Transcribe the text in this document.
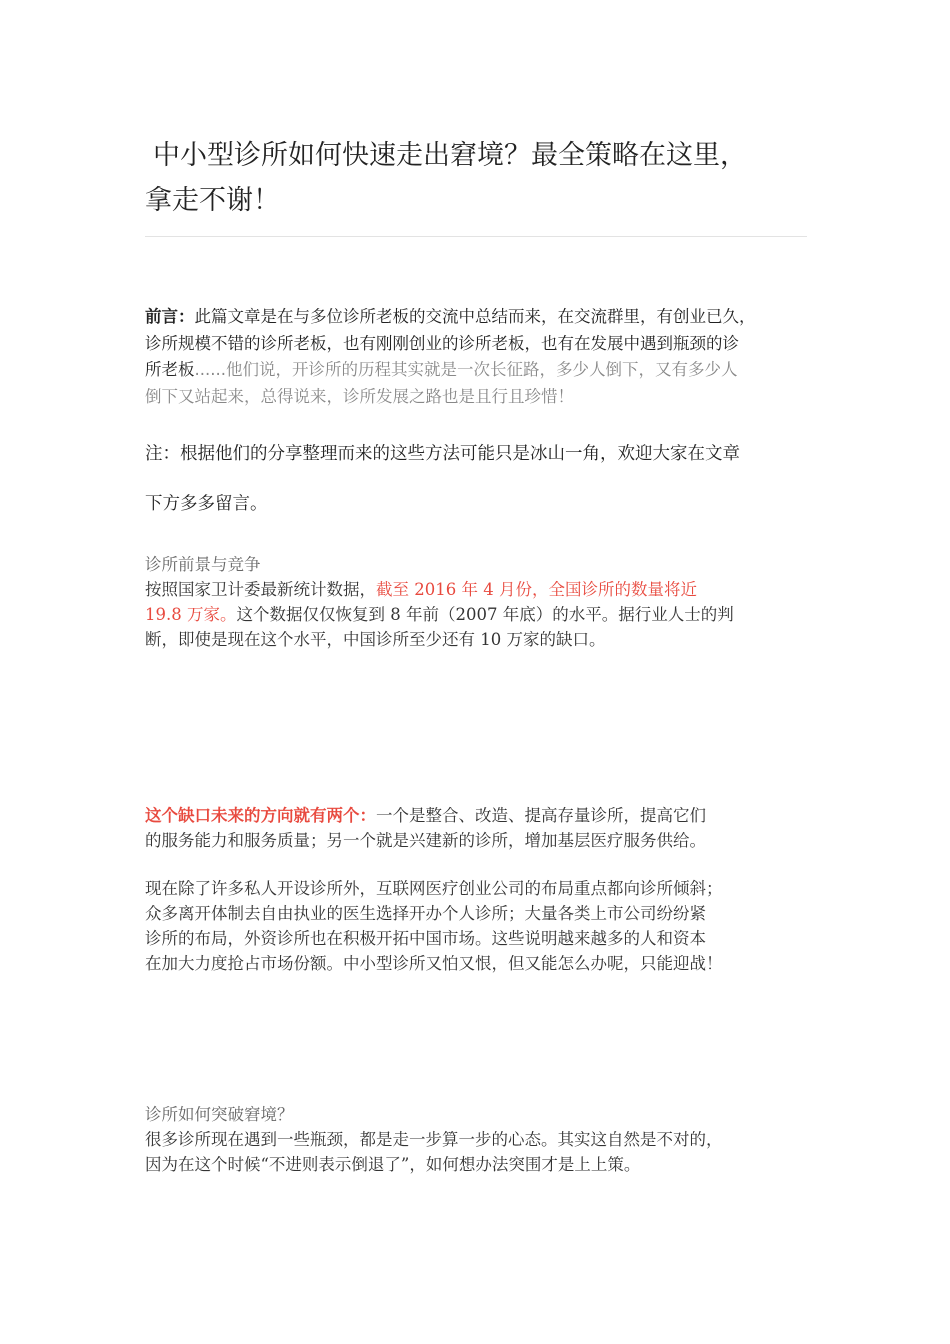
中小型诊所如何快速走出窘境？最全策略在这里，
拿走不谢！
前言：此篇文章是在与多位诊所老板的交流中总结而来，在交流群里，有创业已久，
诊所规模不错的诊所老板，也有刚刚创业的诊所老板，也有在发展中遇到瓶颈的诊
所老板......他们说，开诊所的历程其实就是一次长征路，多少人倒下，又有多少人
倒下又站起来，总得说来，诊所发展之路也是且行且珍惜！
注：根据他们的分享整理而来的这些方法可能只是冰山一角，欢迎大家在文章
下方多多留言。
诊所前景与竞争
按照国家卫计委最新统计数据，截至 2016 年 4 月份，全国诊所的数量将近
19.8 万家。这个数据仅仅恢复到 8 年前（2007 年底）的水平。据行业人士的判
断，即使是现在这个水平，中国诊所至少还有 10 万家的缺口。
这个缺口未来的方向就有两个：一个是整合、改造、提高存量诊所，提高它们
的服务能力和服务质量；另一个就是兴建新的诊所，增加基层医疗服务供给。
现在除了许多私人开设诊所外，互联网医疗创业公司的布局重点都向诊所倾斜；
众多离开体制去自由执业的医生选择开办个人诊所；大量各类上市公司纷纷紧
诊所的布局，外资诊所也在积极开拓中国市场。这些说明越来越多的人和资本
在加大力度抢占市场份额。中小型诊所又怕又恨，但又能怎么办呢，只能迎战！
诊所如何突破窘境？
很多诊所现在遇到一些瓶颈，都是走一步算一步的心态。其实这自然是不对的，
因为在这个时候“不进则表示倒退了”，如何想办法突围才是上上策。
